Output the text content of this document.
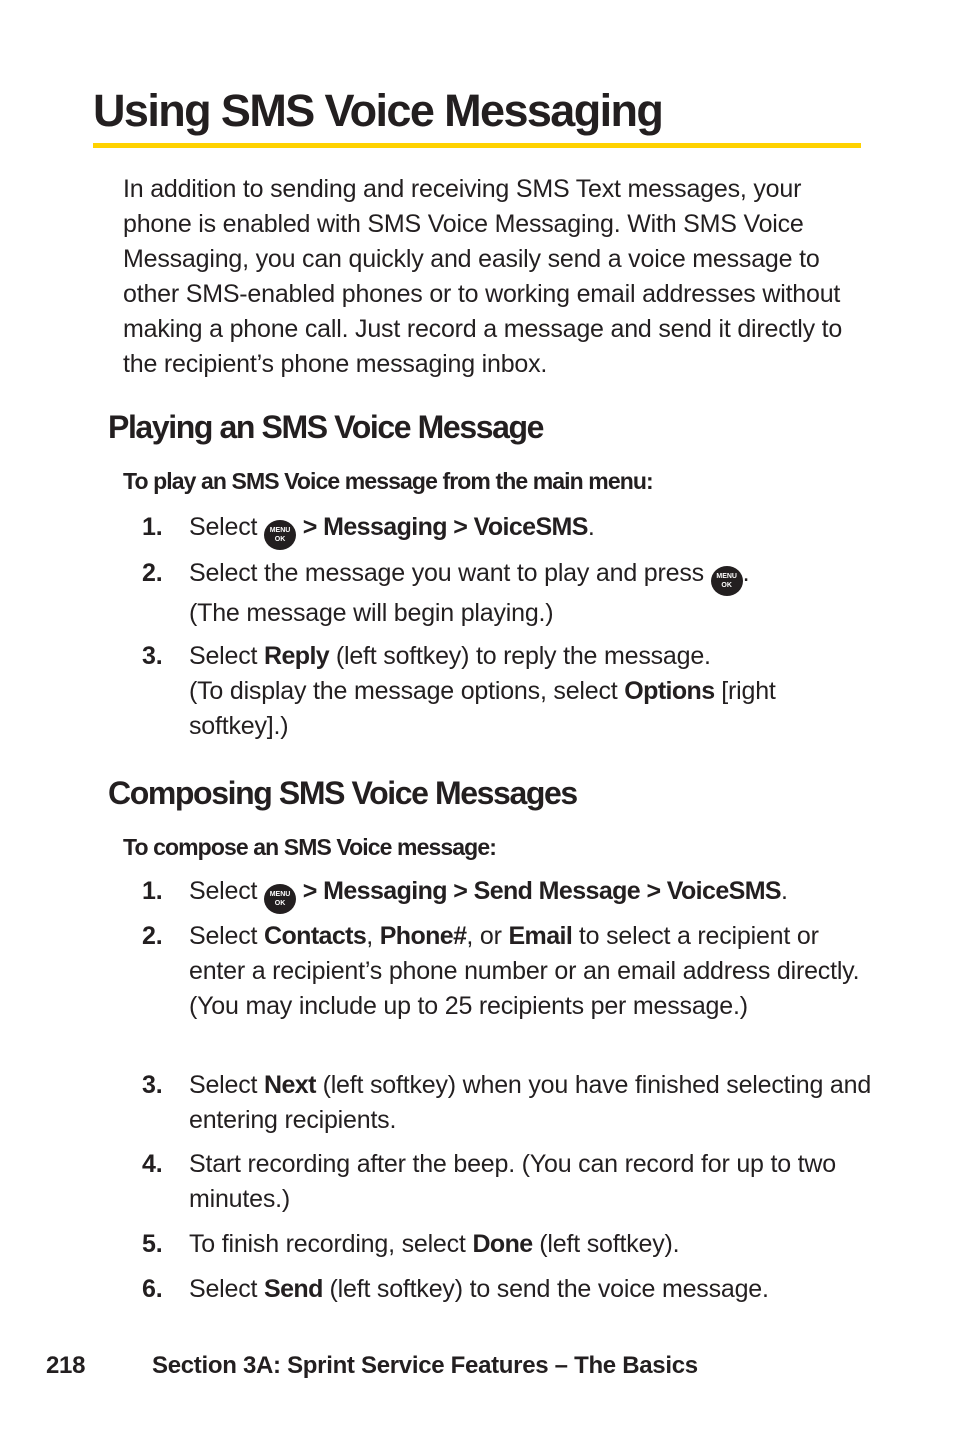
Using SMS Voice Messaging

In addition to sending and receiving SMS Text messages, your phone is enabled with SMS Voice Messaging. With SMS Voice Messaging, you can quickly and easily send a voice message to other SMS-enabled phones or to working email addresses without making a phone call. Just record a message and send it directly to the recipient’s phone messaging inbox.

Playing an SMS Voice Message

To play an SMS Voice message from the main menu:

1. Select MENU
OK > Messaging > VoiceSMS.
2. Select the message you want to play and press MENU
OK .
(The message will begin playing.)
3. Select Reply (left softkey) to reply the message.
(To display the message options, select Options [right softkey].)
Composing SMS Voice Messages

To compose an SMS Voice message:

1. Select MENU
OK > Messaging > Send Message > VoiceSMS.
2. Select Contacts, Phone#, or Email to select a recipient or enter a recipient’s phone number or an email address directly. (You may include up to 25 recipients per message.)
3. Select Next (left softkey) when you have finished selecting and entering recipients.
4. Start recording after the beep. (You can record for up to two minutes.)
5. To finish recording, select Done (left softkey).
6. Select Send (left softkey) to send the voice message.
218	Section 3A: Sprint Service Features – The Basics
